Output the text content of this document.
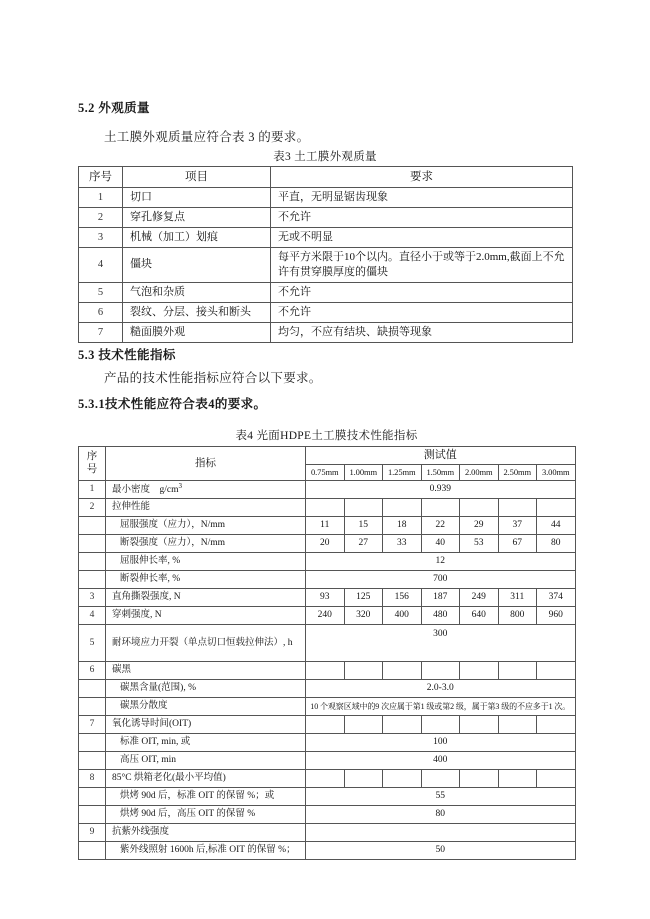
5.2 外观质量
土工膜外观质量应符合表 3 的要求。
表3 土工膜外观质量
序号	项目	要求
1	切口	平直，无明显锯齿现象
2	穿孔修复点	不允许
3	机械（加工）划痕	无或不明显
4	僵块	每平方米限于10个以内。直径小于或等于2.0mm,截面上不允许有贯穿膜厚度的僵块
5	气泡和杂质	不允许
6	裂纹、分层、接头和断头	不允许
7	糙面膜外观	均匀，不应有结块、缺损等现象
5.3 技术性能指标
产品的技术性能指标应符合以下要求。
5.3.1技术性能应符合表4的要求。
表4 光面HDPE土工膜技术性能指标
序
号	指标	测试值						
		0.75mm	1.00mm	1.25mm	1.50mm	2.00mm	2.50mm	3.00mm
1	最小密度　$g/cm^3$	0.939						
2	拉伸性能							
	屈服强度（应力），N/mm	11	15	18	22	29	37	44
	断裂强度（应力），N/mm	20	27	33	40	53	67	80
	屈服伸长率, %	12						
	断裂伸长率, %	700						
3	直角撕裂强度, N	93	125	156	187	249	311	374
4	穿刺强度, N	240	320	400	480	640	800	960
5	耐环境应力开裂（单点切口恒载拉伸法）, h	300						
6	碳黑							
	碳黑含量(范围), %	2.0-3.0						
	碳黑分散度	10 个观察区域中的9 次应属于第1 级或第2 级，属于第3 级的不应多于1 次。						
7	氧化诱导时间(OIT)							
	标准 OIT, min, 或	100						
	高压 OIT, min	400						
8	85°C 烘箱老化(最小平均值)							
	烘烤 90d 后，标准 OIT 的保留 %；或	55						
	烘烤 90d 后，高压 OIT 的保留 %	80						
9	抗紫外线强度							
	紫外线照射 1600h 后,标准 OIT 的保留 %；	50						
